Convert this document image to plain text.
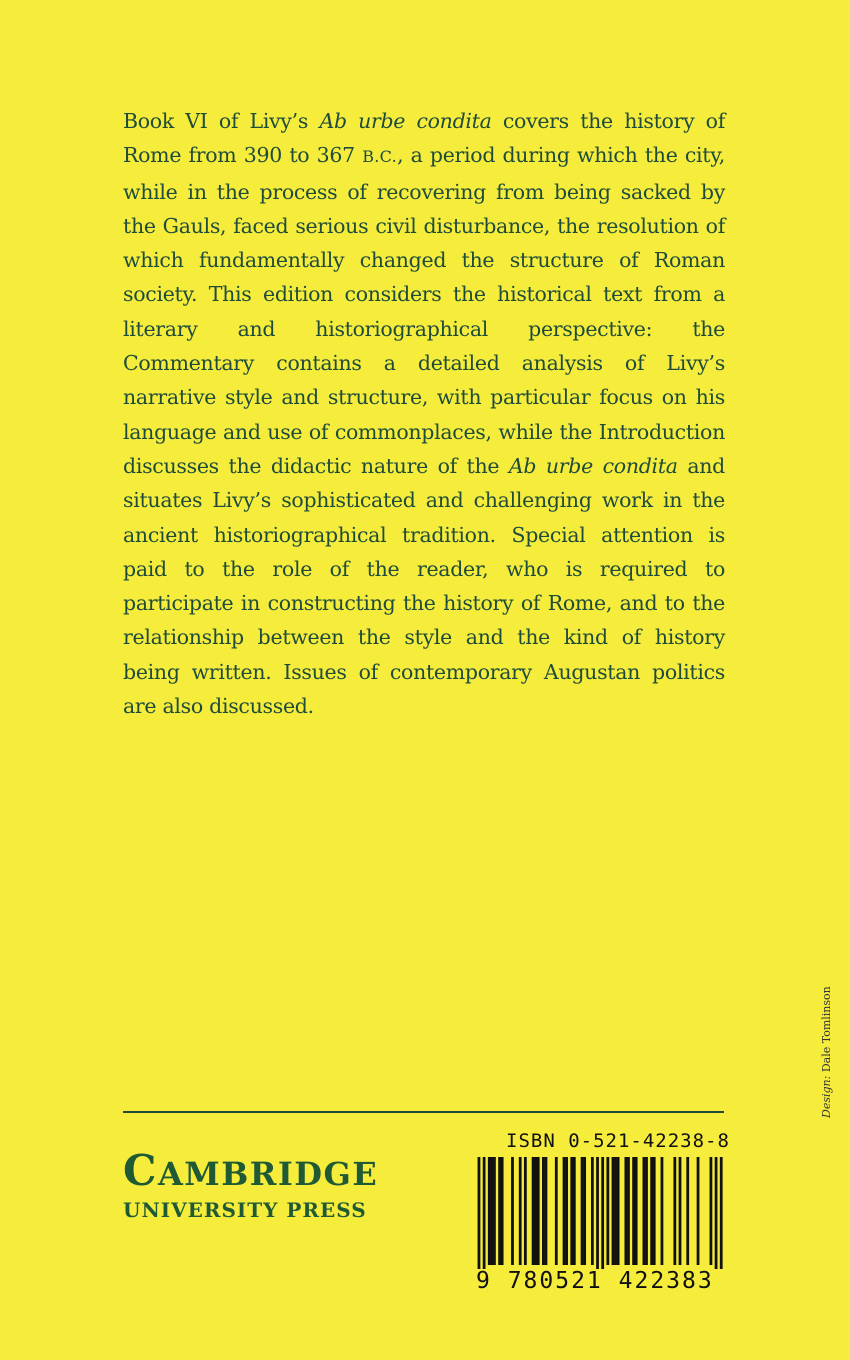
Book VI of Livy’s Ab urbe condita covers the history of Rome from 390 to 367 B.C., a period during which the city, while in the process of recovering from being sacked by the Gauls, faced serious civil disturbance, the resolution of which fundamentally changed the structure of Roman society. This edition considers the historical text from a literary and historiographical perspective: the Commentary contains a detailed analysis of Livy’s narrative style and structure, with particular focus on his language and use of commonplaces, while the Introduction discusses the didactic nature of the Ab urbe condita and situates Livy’s sophisticated and challenging work in the ancient historiographical tradition. Special attention is paid to the role of the reader, who is required to participate in constructing the history of Rome, and to the relationship between the style and the kind of history being written. Issues of contemporary Augustan politics are also discussed.
Design: Dale Tomlinson
CAMBRIDGE
UNIVERSITY PRESS
ISBN 0-521-42238-8
9 780521 422383
